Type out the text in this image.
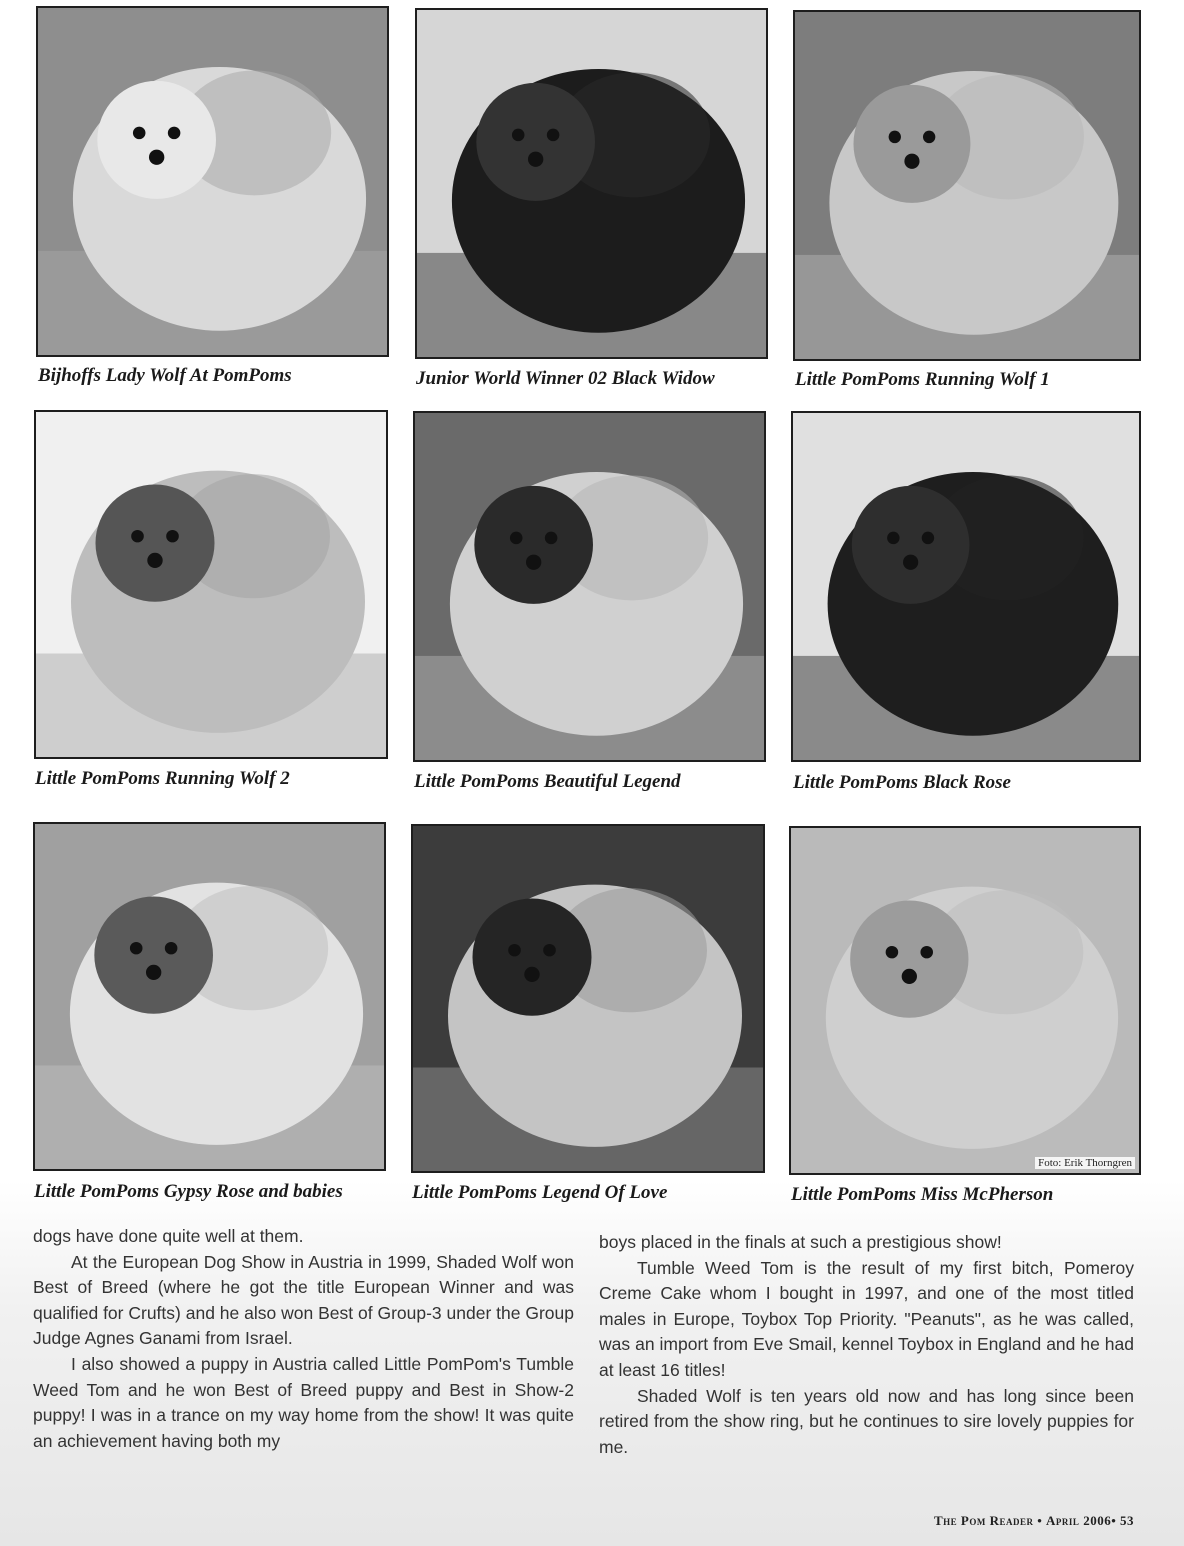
Bijhoffs Lady Wolf At PomPoms	Junior World Winner 02 Black Widow	Little PomPoms Running Wolf 1
Little PomPoms Running Wolf 2	Little PomPoms Beautiful Legend	Little PomPoms Black Rose
Little PomPoms Gypsy Rose and babies	Little PomPoms Legend Of Love
Foto: Erik Thorngren
Little PomPoms Miss McPherson

dogs have done quite well at them.

At the European Dog Show in Austria in 1999, Shaded Wolf won Best of Breed (where he got the title European Winner and was qualified for Crufts) and he also won Best of Group-3 under the Group Judge Agnes Ganami from Israel.

I also showed a puppy in Austria called Little PomPom's Tumble Weed Tom and he won Best of Breed puppy and Best in Show-2 puppy! I was in a trance on my way home from the show! It was quite an achievement having both my

boys placed in the finals at such a prestigious show!

Tumble Weed Tom is the result of my first bitch, Pomeroy Creme Cake whom I bought in 1997, and one of the most titled males in Europe, Toybox Top Priority. "Peanuts", as he was called, was an import from Eve Smail, kennel Toybox in England and he had at least 16 titles!

Shaded Wolf is ten years old now and has long since been retired from the show ring, but he continues to sire lovely puppies for me.

The Pom Reader • April 2006• 53
